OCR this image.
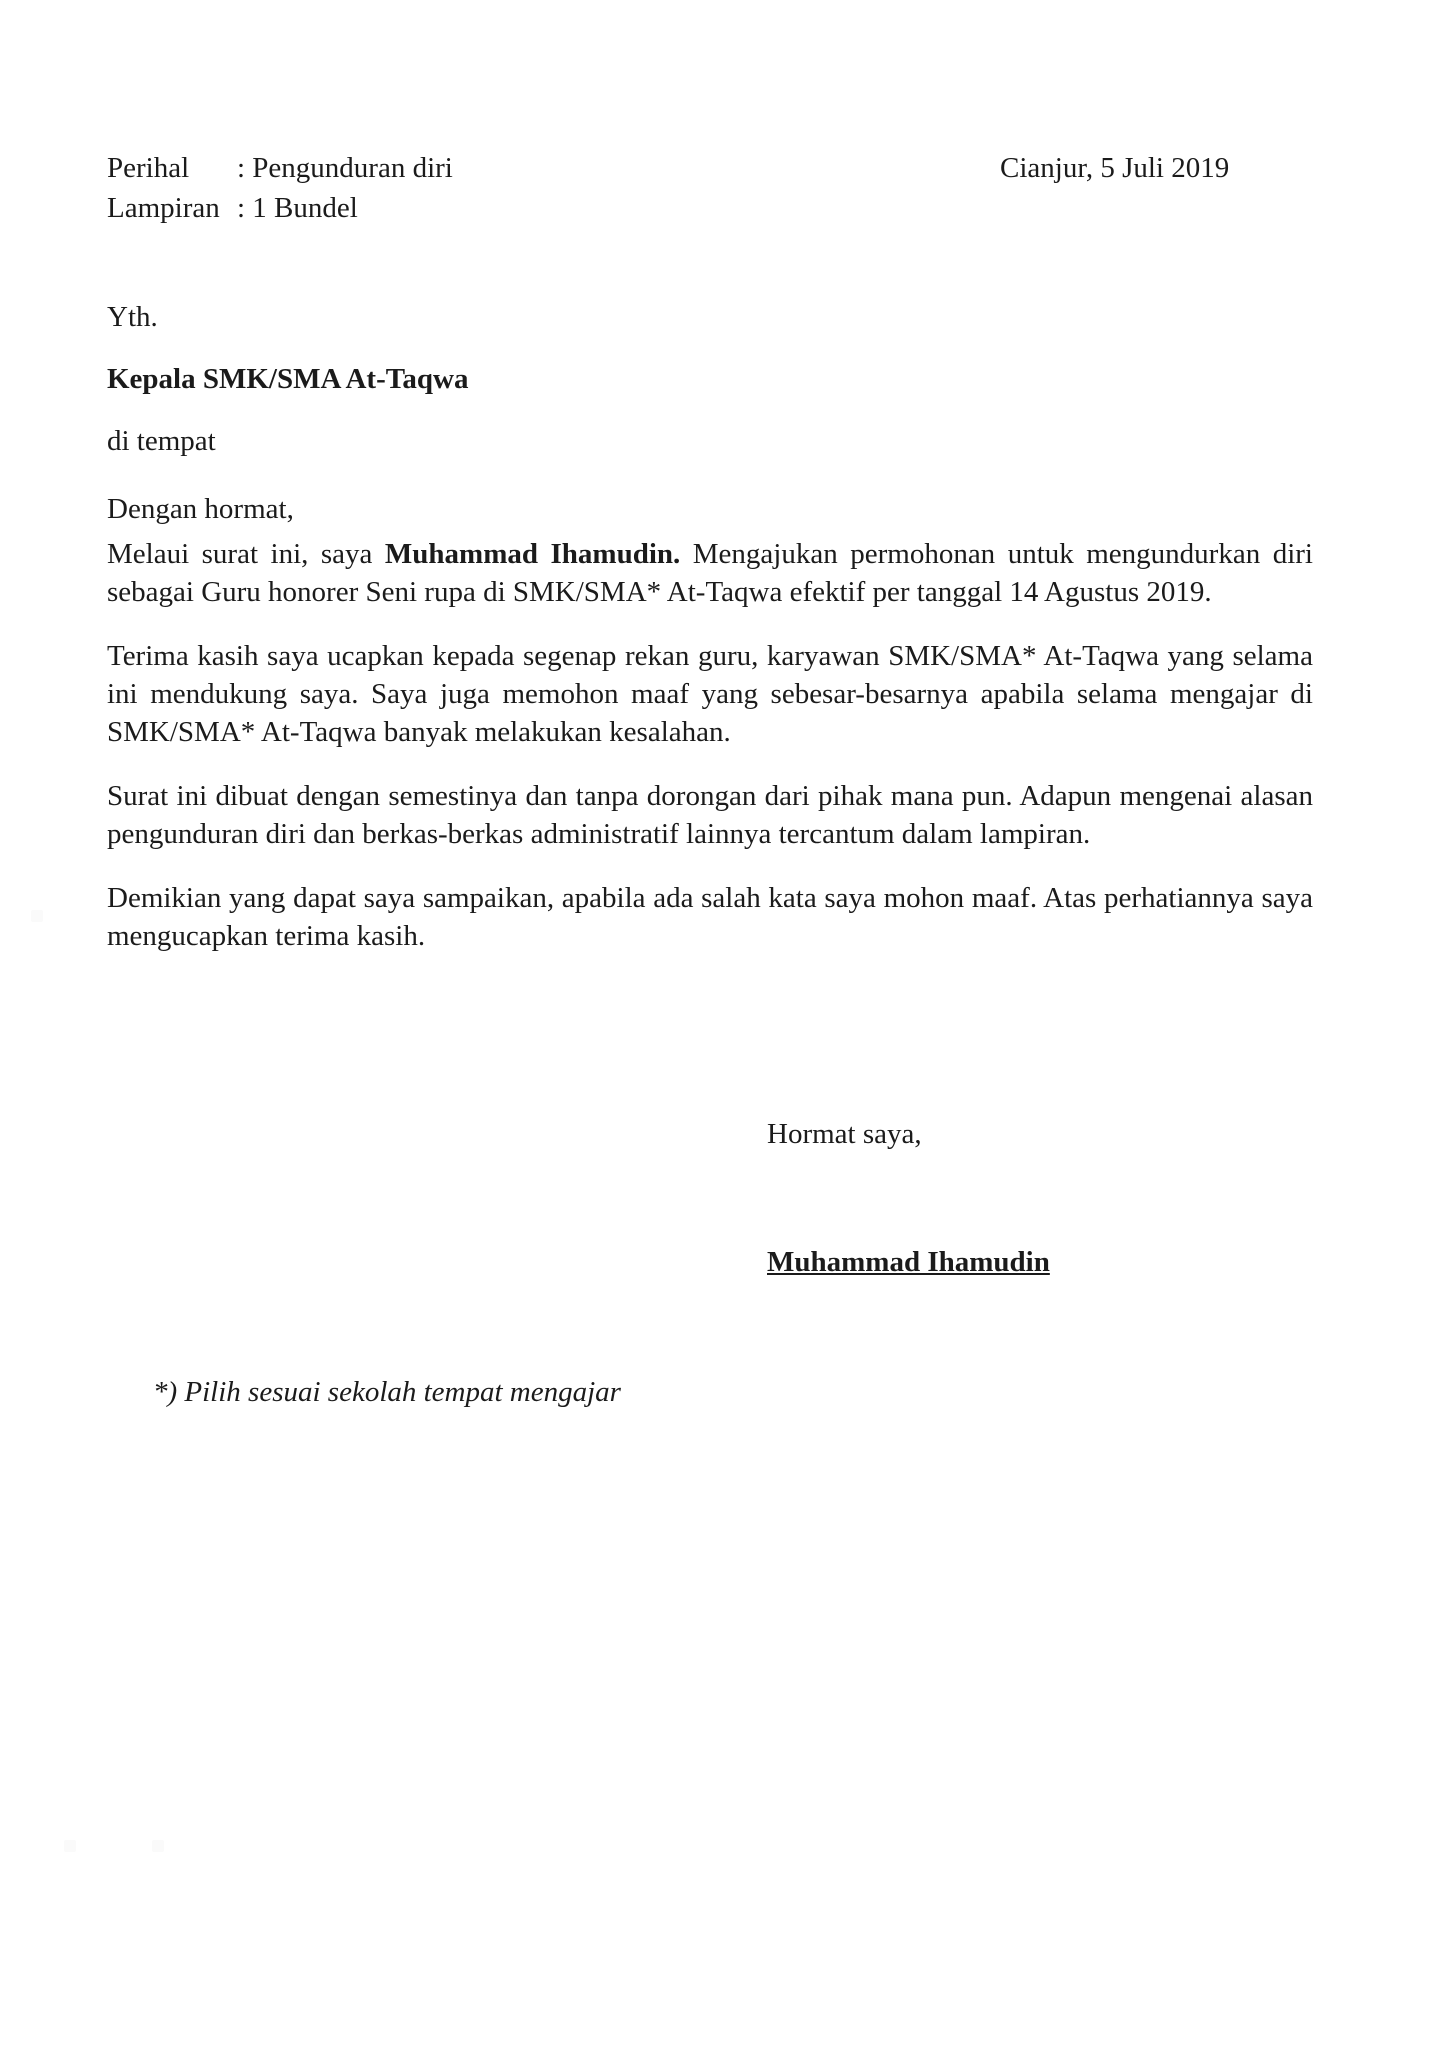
Perihal : Pengunduran diri
Lampiran : 1 Bundel
Cianjur, 5 Juli 2019

Yth.

Kepala SMK/SMA At-Taqwa

di tempat

Dengan hormat,

Melaui surat ini, saya Muhammad Ihamudin. Mengajukan permohonan untuk mengundurkan diri sebagai Guru honorer Seni rupa di SMK/SMA* At-Taqwa efektif per tanggal 14 Agustus 2019.

Terima kasih saya ucapkan kepada segenap rekan guru, karyawan SMK/SMA* At-Taqwa yang selama ini mendukung saya. Saya juga memohon maaf yang sebesar-besarnya apabila selama mengajar di SMK/SMA* At-Taqwa banyak melakukan kesalahan.

Surat ini dibuat dengan semestinya dan tanpa dorongan dari pihak mana pun. Adapun mengenai alasan pengunduran diri dan berkas-berkas administratif lainnya tercantum dalam lampiran.

Demikian yang dapat saya sampaikan, apabila ada salah kata saya mohon maaf. Atas perhatiannya saya mengucapkan terima kasih.

Hormat saya,

Muhammad Ihamudin
*) Pilih sesuai sekolah tempat mengajar
